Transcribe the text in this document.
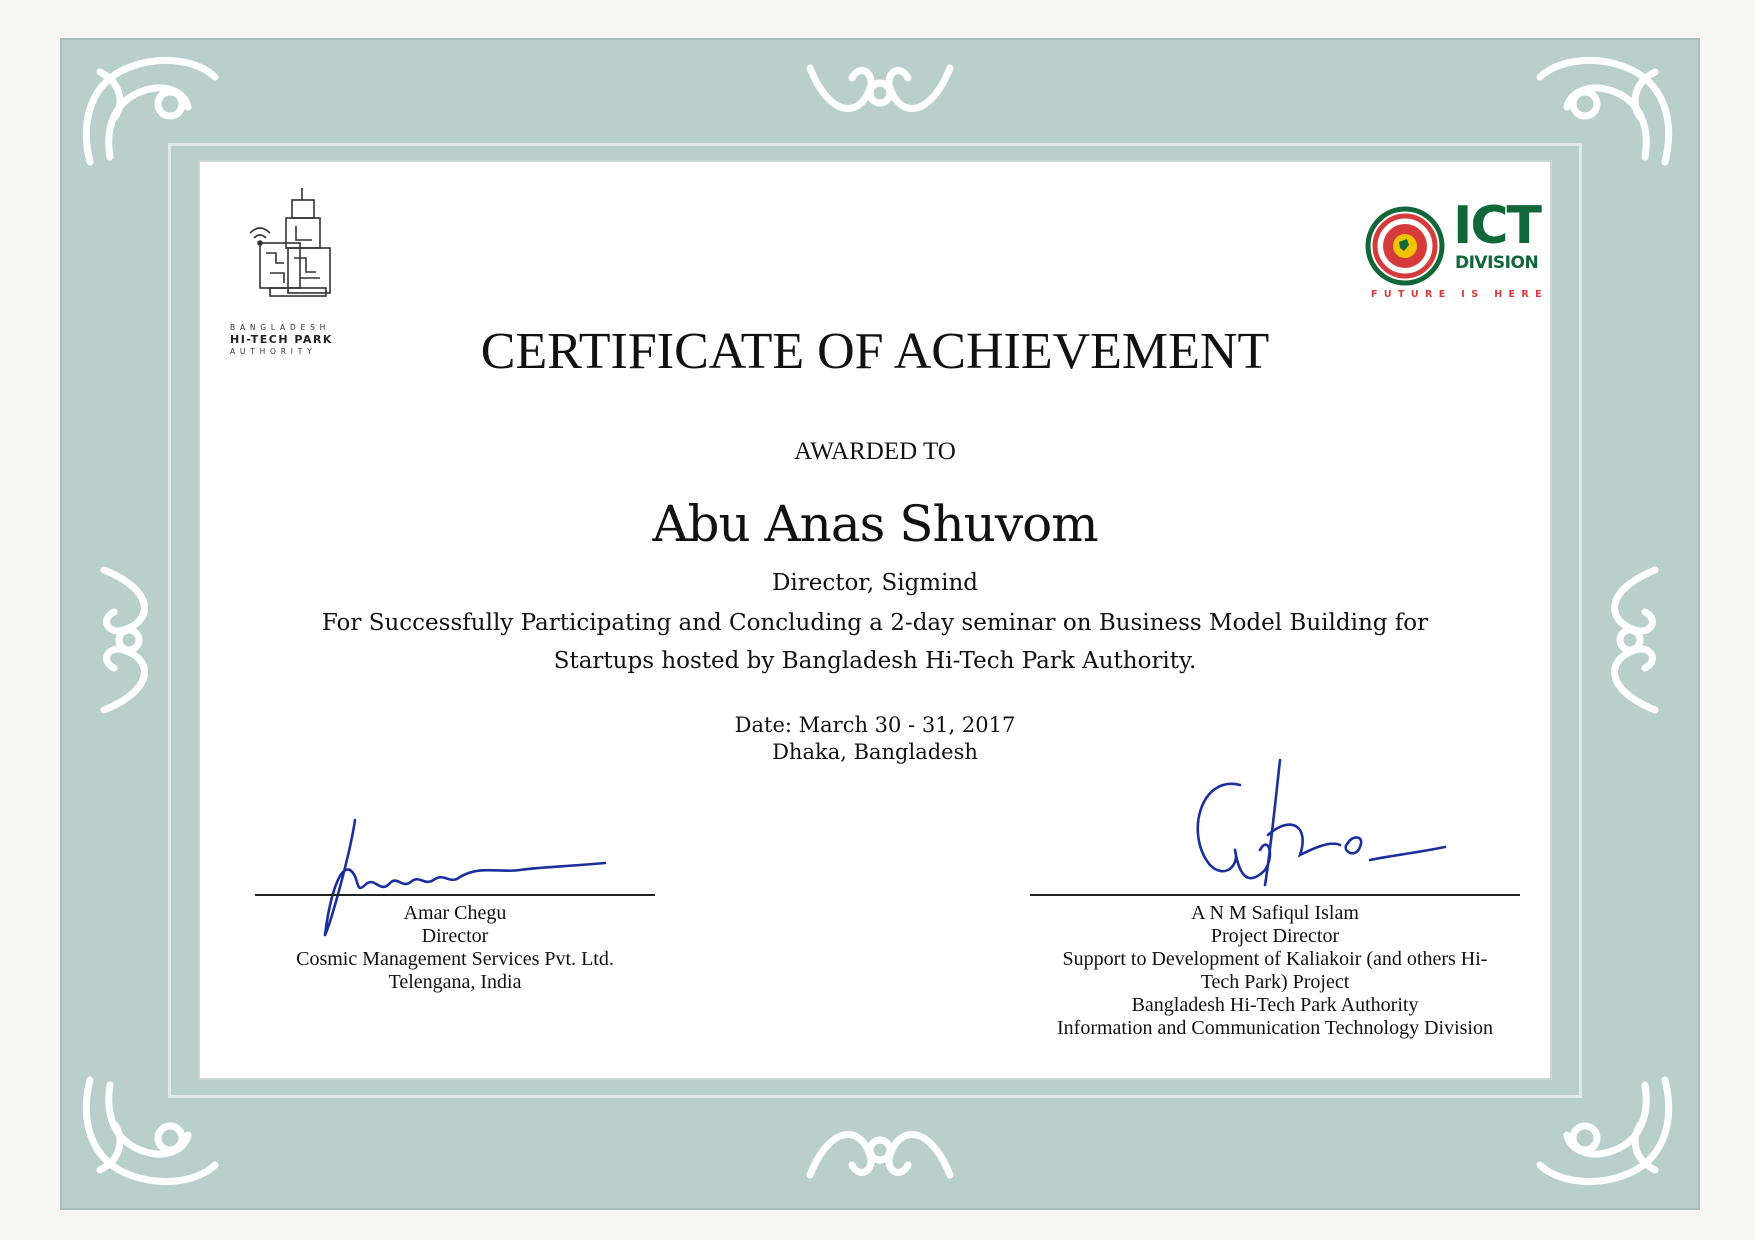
BANGLADESH
HI-TECH PARK
AUTHORITY
ICT
DIVISION
FUTURE IS HERE
CERTIFICATE OF ACHIEVEMENT
AWARDED TO
Abu Anas Shuvom
Director, Sigmind
For Successfully Participating and Concluding a 2-day seminar on Business Model Building for
Startups hosted by Bangladesh Hi-Tech Park Authority.
Date: March 30 - 31, 2017
Dhaka, Bangladesh
Amar Chegu
Director
Cosmic Management Services Pvt. Ltd.
Telengana, India
A N M Safiqul Islam
Project Director
Support to Development of Kaliakoir (and others Hi-
Tech Park) Project
Bangladesh Hi-Tech Park Authority
Information and Communication Technology Division
